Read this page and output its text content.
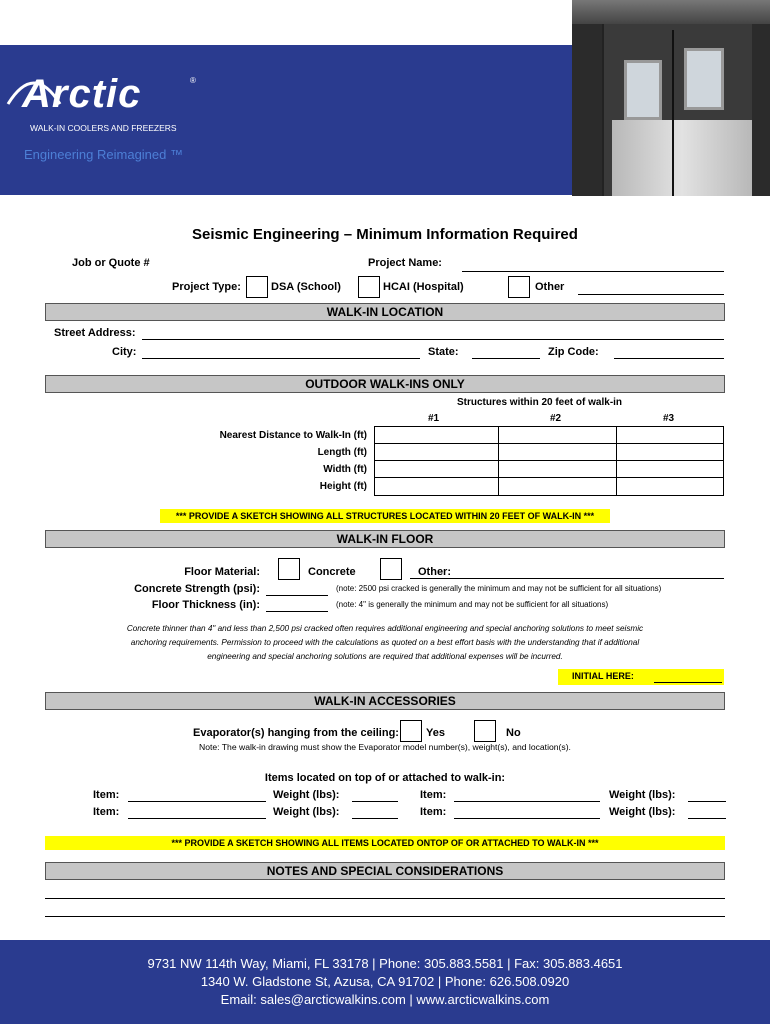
Arctic	®
WALK-IN COOLERS AND FREEZERS
Engineering Reimagined ™
Seismic Engineering – Minimum Information Required
Job or Quote #	Project Name:
Project Type:	DSA (School)	HCAI (Hospital)	Other
WALK-IN LOCATION
Street Address:
City:	State:	Zip Code:
OUTDOOR WALK-INS ONLY
Structures within 20 feet of walk-in
#1	#2	#3
Nearest Distance to Walk-In (ft)
Length (ft)
Width (ft)
Height (ft)
*** PROVIDE A SKETCH SHOWING ALL STRUCTURES LOCATED WITHIN 20 FEET OF WALK-IN ***
WALK-IN FLOOR
Floor Material:	Concrete	Other:
Concrete Strength (psi):	(note: 2500 psi cracked is generally the minimum and may not be sufficient for all situations)
Floor Thickness (in):	(note: 4" is generally the minimum and may not be sufficient for all situations)
Concrete thinner than 4" and less than 2,500 psi cracked often requires additional engineering and special anchoring solutions to meet seismic
anchoring requirements. Permission to proceed with the calculations as quoted on a best effort basis with the understanding that if additional
engineering and special anchoring solutions are required that additional expenses will be incurred.
INITIAL HERE:
WALK-IN ACCESSORIES
Evaporator(s) hanging from the ceiling: Yes	No
Note: The walk-in drawing must show the Evaporator model number(s), weight(s), and location(s).
Items located on top of or attached to walk-in:
Item:	Weight (lbs):	Item:	Weight (lbs):
Item:	Weight (lbs):	Item:	Weight (lbs):
*** PROVIDE A SKETCH SHOWING ALL ITEMS LOCATED ONTOP OF OR ATTACHED TO WALK-IN ***
NOTES AND SPECIAL CONSIDERATIONS
9731 NW 114th Way, Miami, FL 33178 | Phone: 305.883.5581 | Fax: 305.883.4651
1340 W. Gladstone St, Azusa, CA 91702 | Phone: 626.508.0920
Email: sales@arcticwalkins.com | www.arcticwalkins.com
